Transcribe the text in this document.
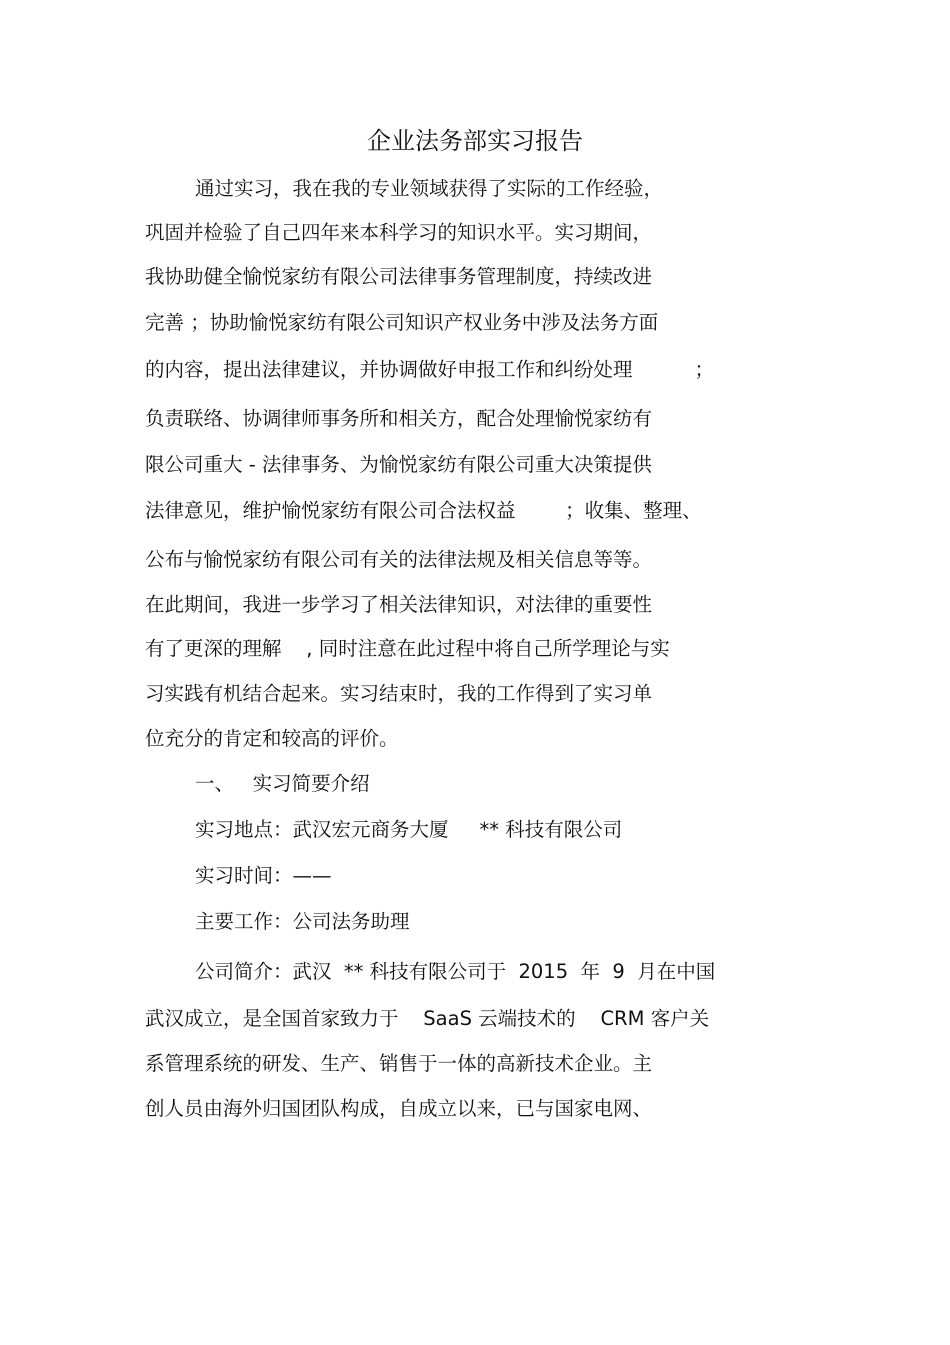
企业法务部实习报告
通过实习，我在我的专业领域获得了实际的工作经验，
巩固并检验了自己四年来本科学习的知识水平。实习期间，
我协助健全愉悦家纺有限公司法律事务管理制度，持续改进
完善 ；协助愉悦家纺有限公司知识产权业务中涉及法务方面
的内容，提出法律建议，并协调做好申报工作和纠纷处理          ；
负责联络、协调律师事务所和相关方，配合处理愉悦家纺有
限公司重大 - 法律事务、为愉悦家纺有限公司重大决策提供
法律意见，维护愉悦家纺有限公司合法权益        ；收集、整理、
公布与愉悦家纺有限公司有关的法律法规及相关信息等等。
在此期间，我进一步学习了相关法律知识，对法律的重要性
有了更深的理解    , 同时注意在此过程中将自己所学理论与实
习实践有机结合起来。实习结束时，我的工作得到了实习单
位充分的肯定和较高的评价。
一、   实习简要介绍
实习地点：武汉宏元商务大厦     ** 科技有限公司
实习时间：——
主要工作：公司法务助理
公司简介：武汉  ** 科技有限公司于  2015  年  9  月在中国
武汉成立，是全国首家致力于    SaaS 云端技术的    CRM 客户关
系管理系统的研发、生产、销售于一体的高新技术企业。主
创人员由海外归国团队构成，自成立以来，已与国家电网、
